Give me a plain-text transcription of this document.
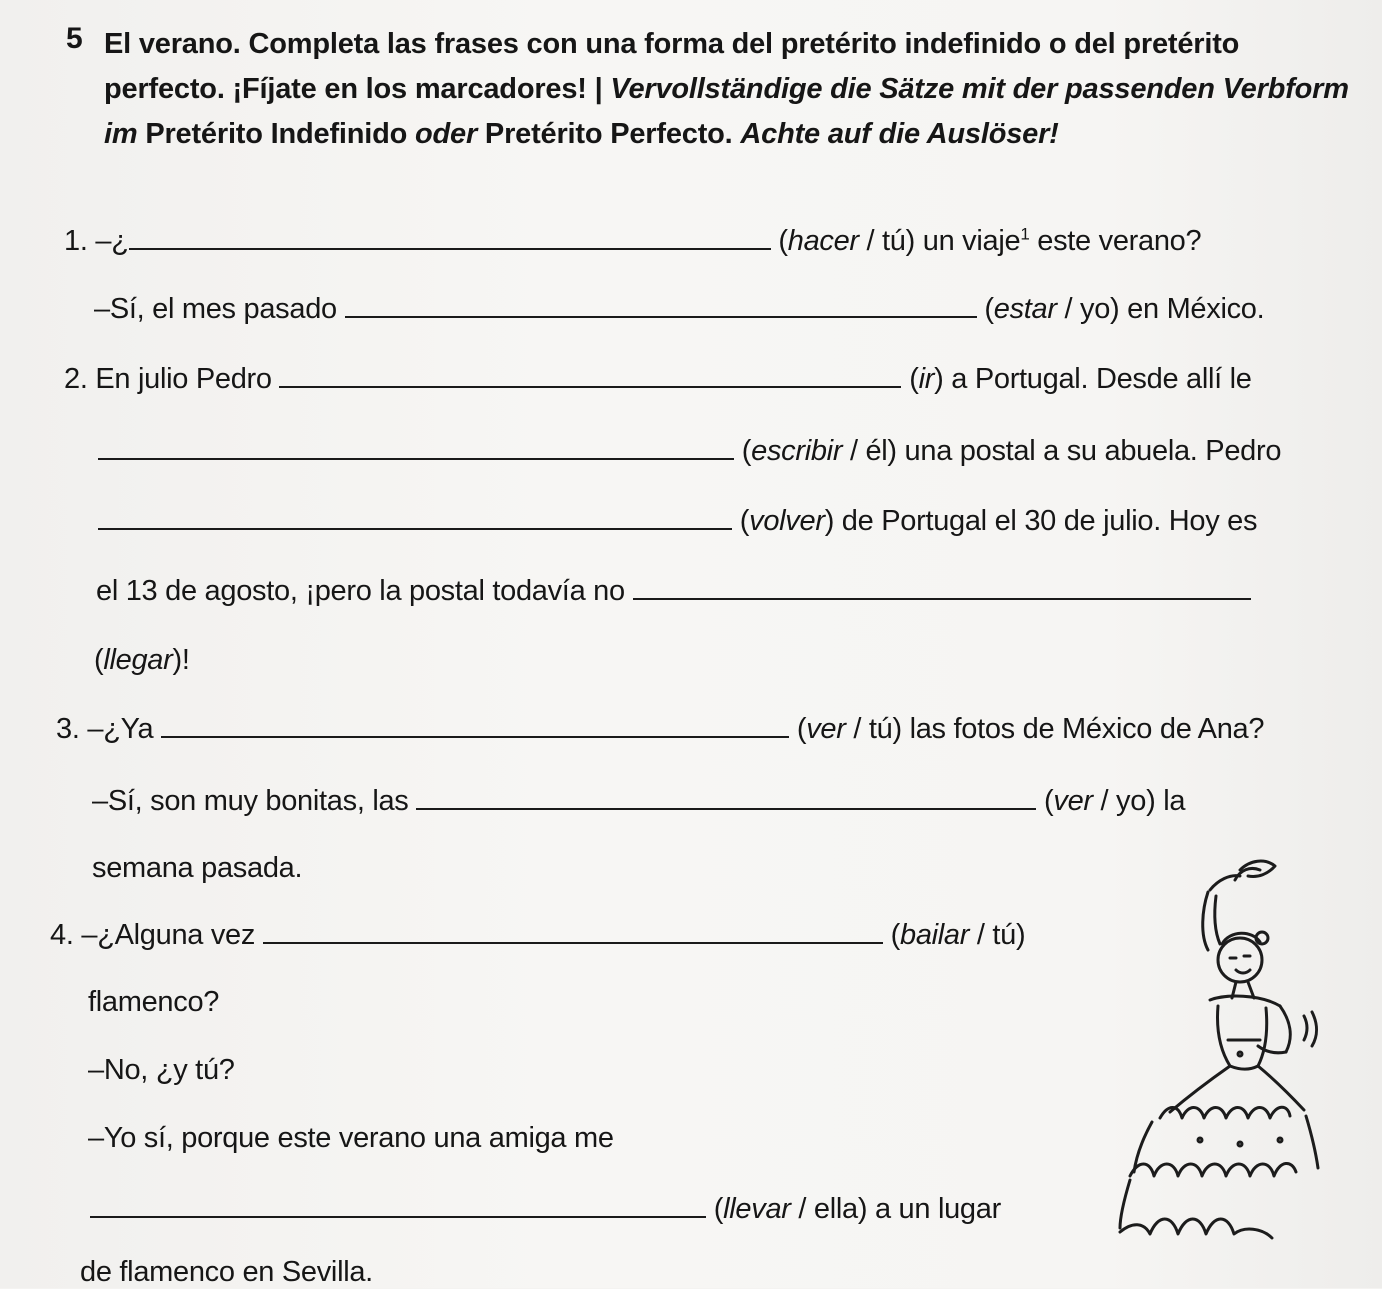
5 El verano. Completa las frases con una forma del pretérito indefinido o del pretérito perfecto. ¡Fíjate en los marcadores! | Vervollständige die Sätze mit der passenden Verbform im Pretérito Indefinido oder Pretérito Perfecto. Achte auf die Auslöser!
1. –¿	(hacer / tú) un viaje$^1$ este verano?
–Sí, el mes pasado	(estar / yo) en México.
2. En julio Pedro	(ir) a Portugal. Desde allí le
(escribir / él) una postal a su abuela. Pedro
(volver) de Portugal el 30 de julio. Hoy es
el 13 de agosto, ¡pero la postal todavía no
(llegar)!
3. –¿Ya	(ver / tú) las fotos de México de Ana?
–Sí, son muy bonitas, las	(ver / yo) la
semana pasada.
4. –¿Alguna vez	(bailar / tú)
flamenco?
–No, ¿y tú?
–Yo sí, porque este verano una amiga me
(llevar / ella) a un lugar
de flamenco en Sevilla.
